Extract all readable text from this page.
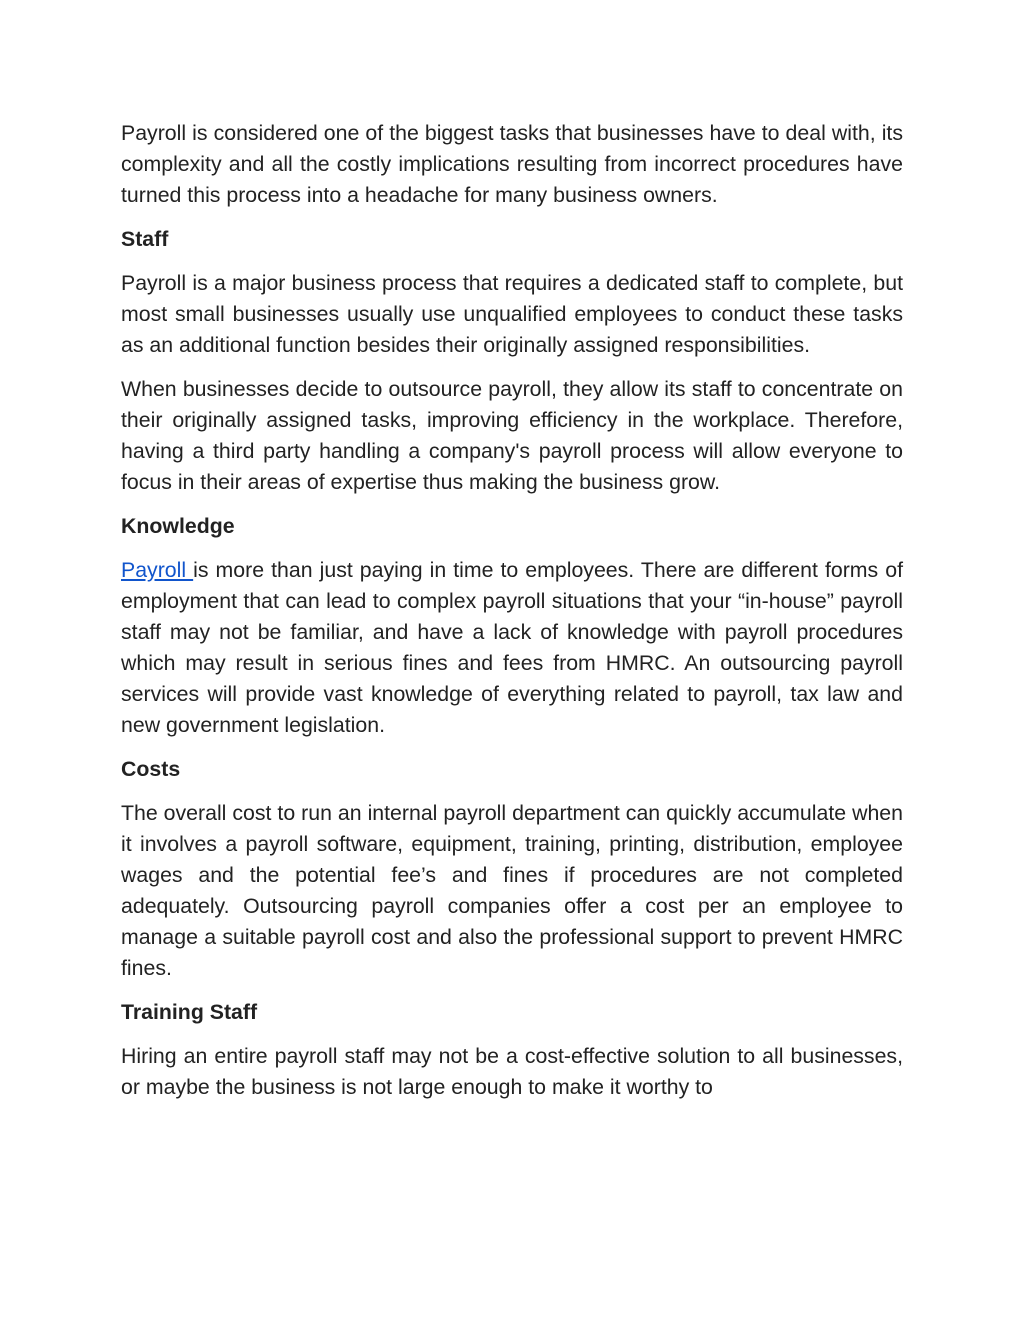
Payroll is considered one of the biggest tasks that businesses have to deal with, its complexity and all the costly implications resulting from incorrect procedures have turned this process into a headache for many business owners.

Staff

Payroll is a major business process that requires a dedicated staff to complete, but most small businesses usually use unqualified employees to conduct these tasks as an additional function besides their originally assigned responsibilities.

When businesses decide to outsource payroll, they allow its staff to concentrate on their originally assigned tasks, improving efficiency in the workplace. Therefore, having a third party handling a company's payroll process will allow everyone to focus in their areas of expertise thus making the business grow.

Knowledge

Payroll is more than just paying in time to employees. There are different forms of employment that can lead to complex payroll situations that your “in-house” payroll staff may not be familiar, and have a lack of knowledge with payroll procedures which may result in serious fines and fees from HMRC. An outsourcing payroll services will provide vast knowledge of everything related to payroll, tax law and new government legislation.

Costs

The overall cost to run an internal payroll department can quickly accumulate when it involves a payroll software, equipment, training, printing, distribution, employee wages and the potential fee’s and fines if procedures are not completed adequately. Outsourcing payroll companies offer a cost per an employee to manage a suitable payroll cost and also the professional support to prevent HMRC fines.

Training Staff

Hiring an entire payroll staff may not be a cost-effective solution to all businesses, or maybe the business is not large enough to make it worthy to
